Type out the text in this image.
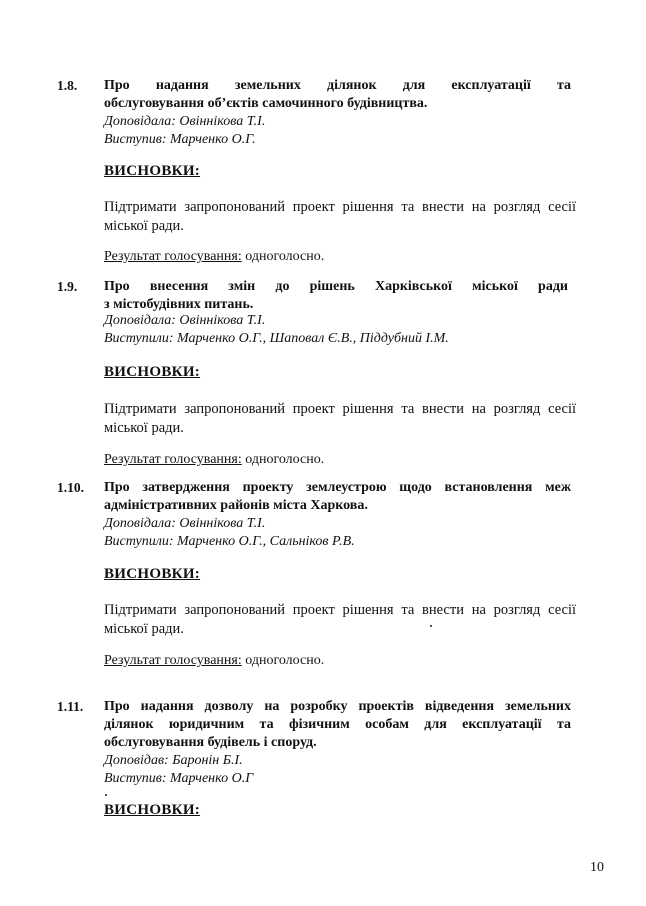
1.8. Про надання земельних ділянок для експлуатації та
обслуговування об’єктів самочинного будівництва.
Доповідала: Овіннікова Т.І.
Виступив: Марченко О.Г.
ВИСНОВКИ:
Підтримати запропонований проект рішення та внести на розгляд сесії
міської ради.
Результат голосування: одноголосно.
1.9. Про внесення змін до рішень Харківської міської ради
з містобудівних питань.
Доповідала: Овіннікова Т.І.
Виступили: Марченко О.Г., Шаповал Є.В., Піддубний І.М.
ВИСНОВКИ:
Підтримати запропонований проект рішення та внести на розгляд сесії
міської ради.
Результат голосування: одноголосно.
1.10. Про затвердження проекту землеустрою щодо встановлення меж
адміністративних районів міста Харкова.
Доповідала: Овіннікова Т.І.
Виступили: Марченко О.Г., Сальніков Р.В.
ВИСНОВКИ:
Підтримати запропонований проект рішення та внести на розгляд сесії
міської ради.
Результат голосування: одноголосно.
1.11. Про надання дозволу на розробку проектів відведення земельних
ділянок юридичним та фізичним особам для експлуатації та
обслуговування будівель і споруд.
Доповідав: Баронін Б.І.
Виступив: Марченко О.Г
ВИСНОВКИ:
10
